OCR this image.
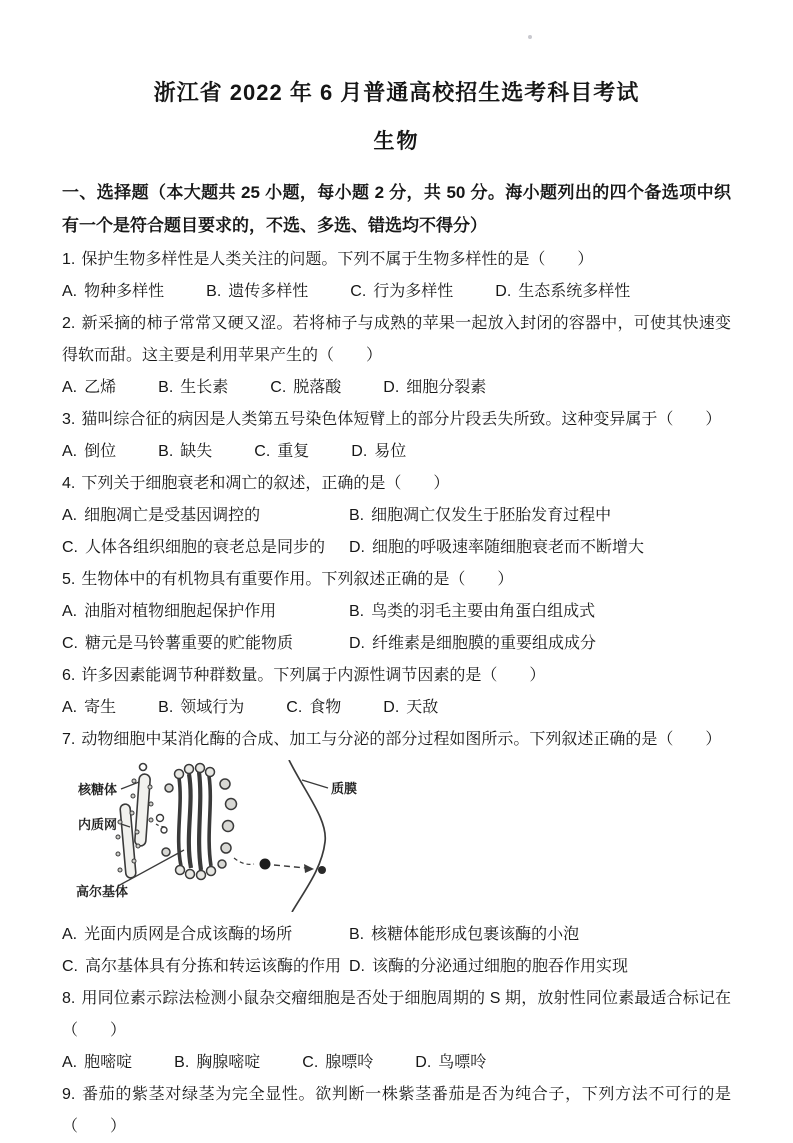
浙江省 2022 年 6 月普通高校招生选考科目考试
生物

一、选择题（本大题共 25 小题，每小题 2 分，共 50 分。海小题列出的四个备选项中织有一个是符合题目要求的，不选、多选、错选均不得分）

1. 保护生物多样性是人类关注的问题。下列不属于生物多样性的是（　　）

A. 物种多样性	B. 遗传多样性	C. 行为多样性	D. 生态系统多样性

2. 新采摘的柿子常常又硬又涩。若将柿子与成熟的苹果一起放入封闭的容器中，可使其快速变得软而甜。这主要是利用苹果产生的（　　）

A. 乙烯	B. 生长素	C. 脱落酸	D. 细胞分裂素

3. 猫叫综合征的病因是人类第五号染色体短臂上的部分片段丢失所致。这种变异属于（　　）

A. 倒位	B. 缺失	C. 重复	D. 易位

4. 下列关于细胞衰老和凋亡的叙述，正确的是（　　）

A. 细胞凋亡是受基因调控的	B. 细胞凋亡仅发生于胚胎发育过程中
C. 人体各组织细胞的衰老总是同步的	D. 细胞的呼吸速率随细胞衰老而不断增大

5. 生物体中的有机物具有重要作用。下列叙述正确的是（　　）

A. 油脂对植物细胞起保护作用	B. 鸟类的羽毛主要由角蛋白组成式
C. 糖元是马铃薯重要的贮能物质	D. 纤维素是细胞膜的重要组成成分

6. 许多因素能调节种群数量。下列属于内源性调节因素的是（　　）

A. 寄生	B. 领域行为	C. 食物	D. 天敌

7. 动物细胞中某消化酶的合成、加工与分泌的部分过程如图所示。下列叙述正确的是（　　）

核糖体
内质网
高尔基体
质膜

A. 光面内质网是合成该酶的场所	B. 核糖体能形成包裹该酶的小泡
C. 高尔基体具有分拣和转运该酶的作用 D. 该酶的分泌通过细胞的胞吞作用实现

8. 用同位素示踪法检测小鼠杂交瘤细胞是否处于细胞周期的 S 期，放射性同位素最适合标记在（　　）

A. 胞嘧啶	B. 胸腺嘧啶	C. 腺嘌呤	D. 鸟嘌呤

9. 番茄的紫茎对绿茎为完全显性。欲判断一株紫茎番茄是否为纯合子，下列方法不可行的是（　　）
